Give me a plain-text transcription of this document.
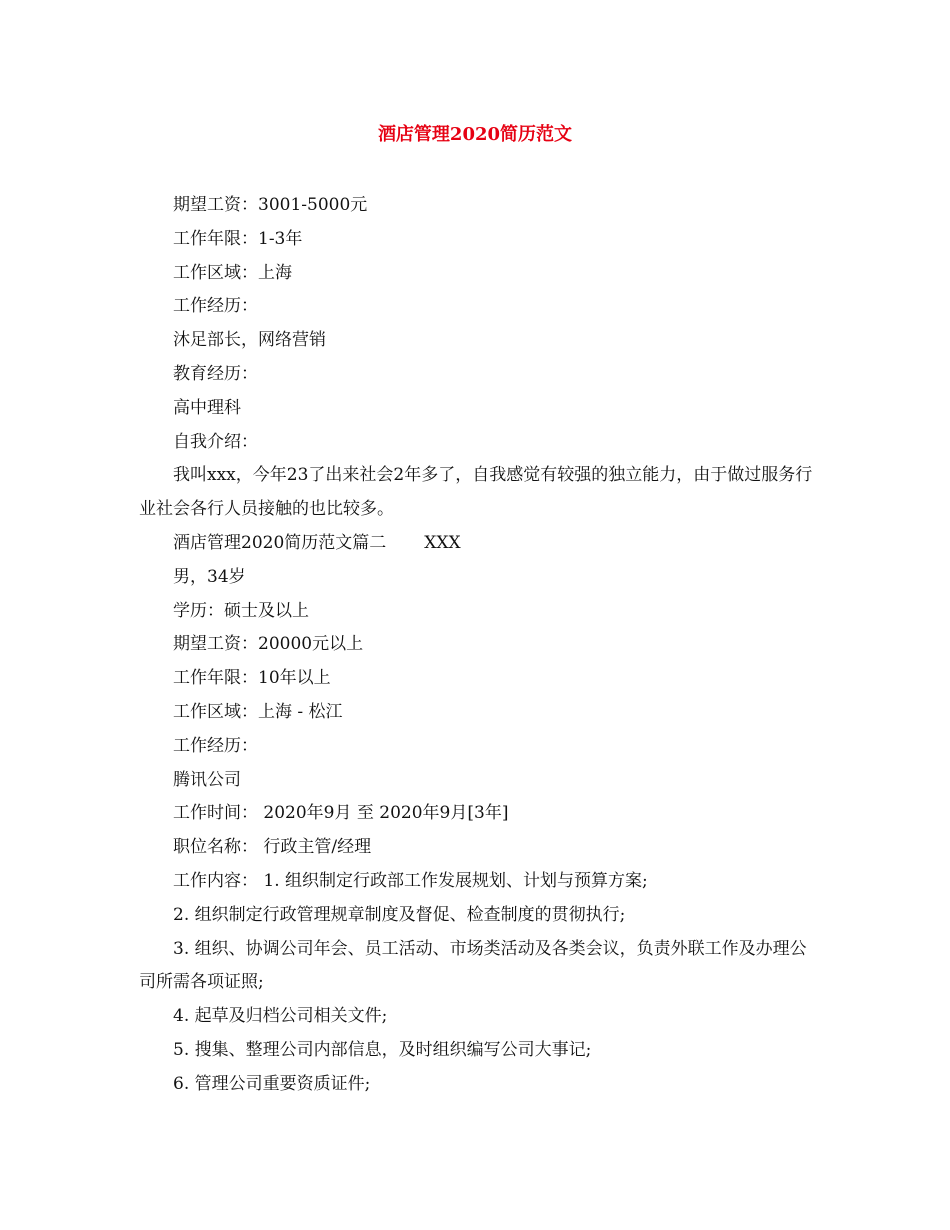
酒店管理2020简历范文

期望工资：3001-5000元

工作年限：1-3年

工作区域：上海

工作经历：

沐足部长，网络营销

教育经历：

高中理科

自我介绍：

我叫xxx，今年23了出来社会2年多了，自我感觉有较强的独立能力，由于做过服务行业社会各行人员接触的也比较多。

酒店管理2020简历范文篇二 XXX

男，34岁

学历：硕士及以上

期望工资：20000元以上

工作年限：10年以上

工作区域：上海 - 松江

工作经历：

腾讯公司

工作时间： 2020年9月 至 2020年9月[3年]

职位名称： 行政主管/经理

工作内容： 1. 组织制定行政部工作发展规划、计划与预算方案;

2. 组织制定行政管理规章制度及督促、检查制度的贯彻执行;

3. 组织、协调公司年会、员工活动、市场类活动及各类会议，负责外联工作及办理公司所需各项证照;

4. 起草及归档公司相关文件;

5. 搜集、整理公司内部信息，及时组织编写公司大事记;

6. 管理公司重要资质证件;
